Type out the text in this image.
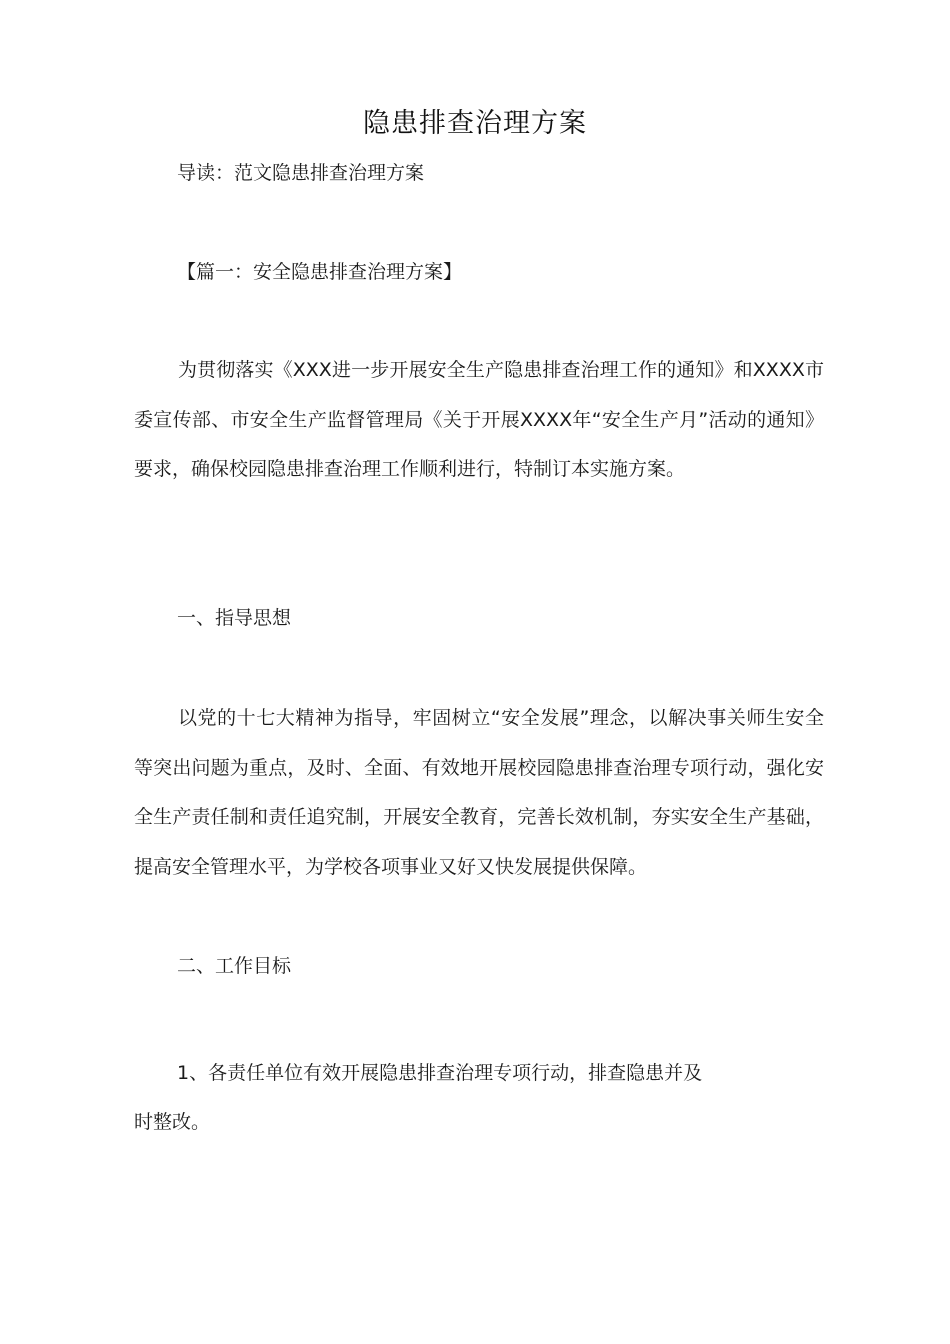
隐患排查治理方案
导读：范文隐患排查治理方案
【篇一：安全隐患排查治理方案】
为贯彻落实《XXX进一步开展安全生产隐患排查治理工作的通知》和XXXX市委宣传部、市安全生产监督管理局《关于开展XXXX年“安全生产月”活动的通知》要求，确保校园隐患排查治理工作顺利进行，特制订本实施方案。
一、指导思想
以党的十七大精神为指导，牢固树立“安全发展”理念，以解决事关师生安全等突出问题为重点，及时、全面、有效地开展校园隐患排查治理专项行动，强化安全生产责任制和责任追究制，开展安全教育，完善长效机制，夯实安全生产基础，提高安全管理水平，为学校各项事业又好又快发展提供保障。
二、工作目标
1、各责任单位有效开展隐患排查治理专项行动，排查隐患并及
时整改。
